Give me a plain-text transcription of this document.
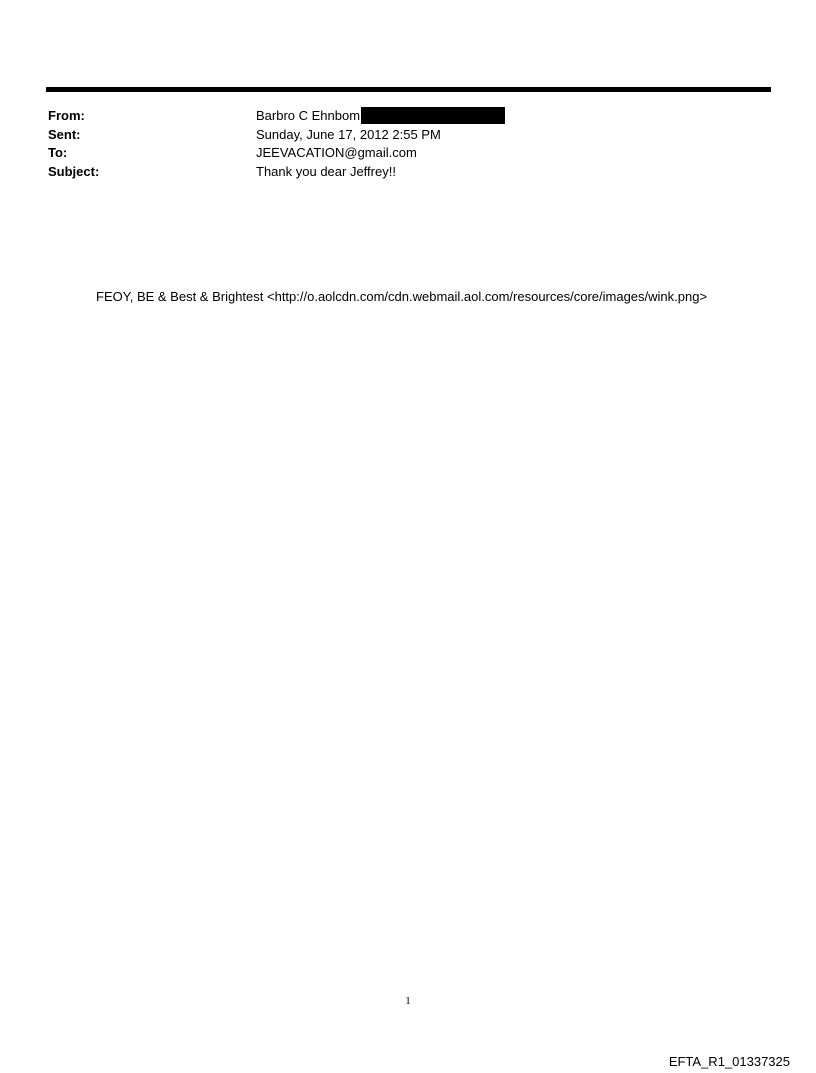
From:	Barbro C Ehnbom
Sent:	Sunday, June 17, 2012 2:55 PM
To:	JEEVACATION@gmail.com
Subject:	Thank you dear Jeffrey!!
FEOY, BE & Best & Brightest <http://o.aolcdn.com/cdn.webmail.aol.com/resources/core/images/wink.png>
1
EFTA_R1_01337325
